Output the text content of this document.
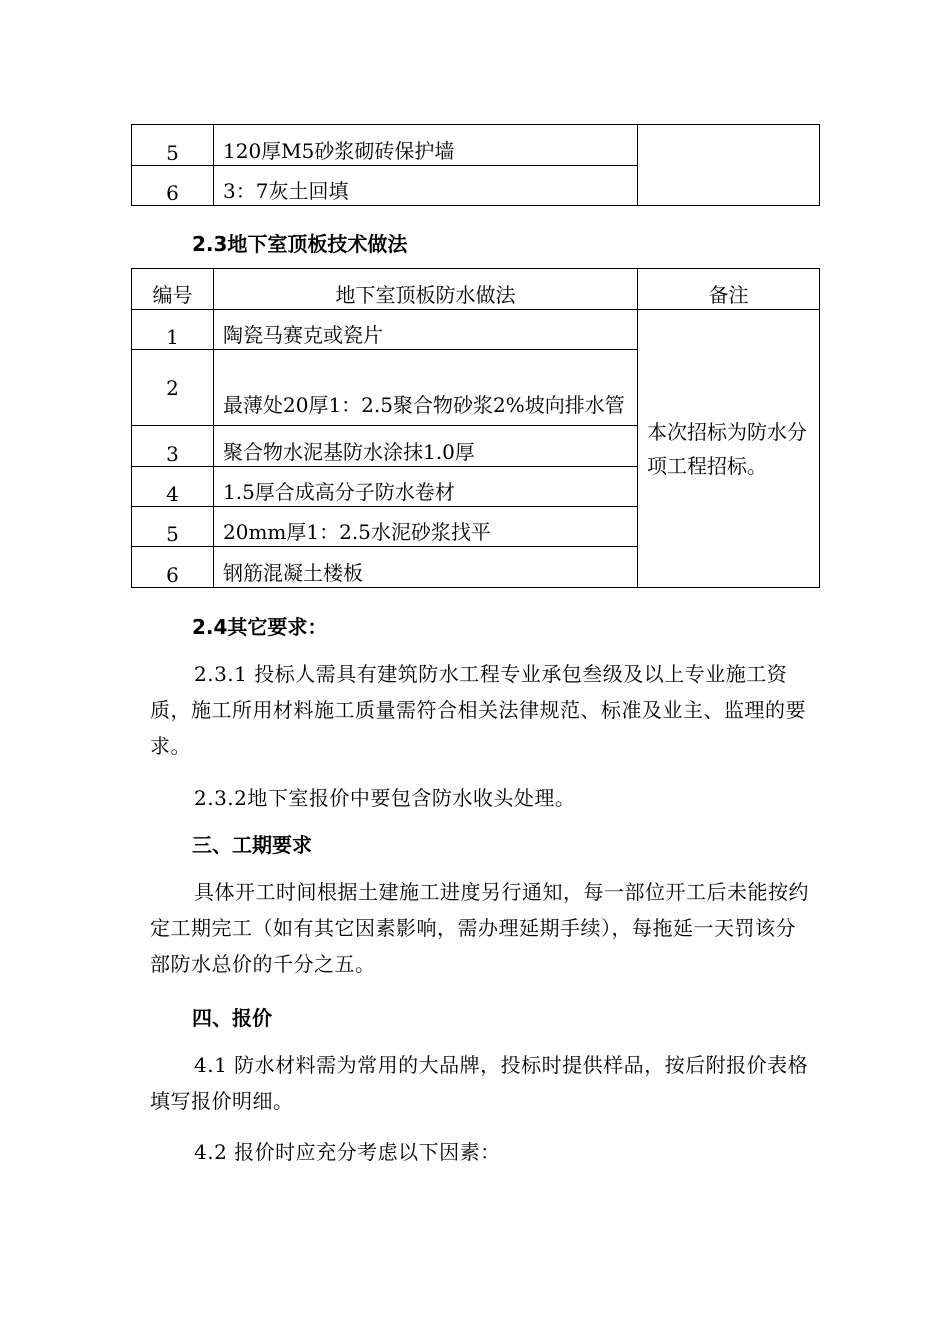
5	120厚M5砂浆砌砖保护墙	
6	3：7灰土回填	
2.3地下室顶板技术做法
编号	地下室顶板防水做法	备注
1	陶瓷马赛克或瓷片	本次招标为防水分项工程招标。
2	最薄处20厚1：2.5聚合物砂浆2%坡向排水管	
3	聚合物水泥基防水涂抹1.0厚	
4	1.5厚合成高分子防水卷材	
5	20mm厚1：2.5水泥砂浆找平	
6	钢筋混凝土楼板	
2.4其它要求：
2.3.1 投标人需具有建筑防水工程专业承包叁级及以上专业施工资质，施工所用材料施工质量需符合相关法律规范、标准及业主、监理的要求。
2.3.2地下室报价中要包含防水收头处理。
三、工期要求
具体开工时间根据土建施工进度另行通知，每一部位开工后未能按约定工期完工（如有其它因素影响，需办理延期手续），每拖延一天罚该分部防水总价的千分之五。
四、报价
4.1 防水材料需为常用的大品牌，投标时提供样品，按后附报价表格填写报价明细。
4.2 报价时应充分考虑以下因素：
